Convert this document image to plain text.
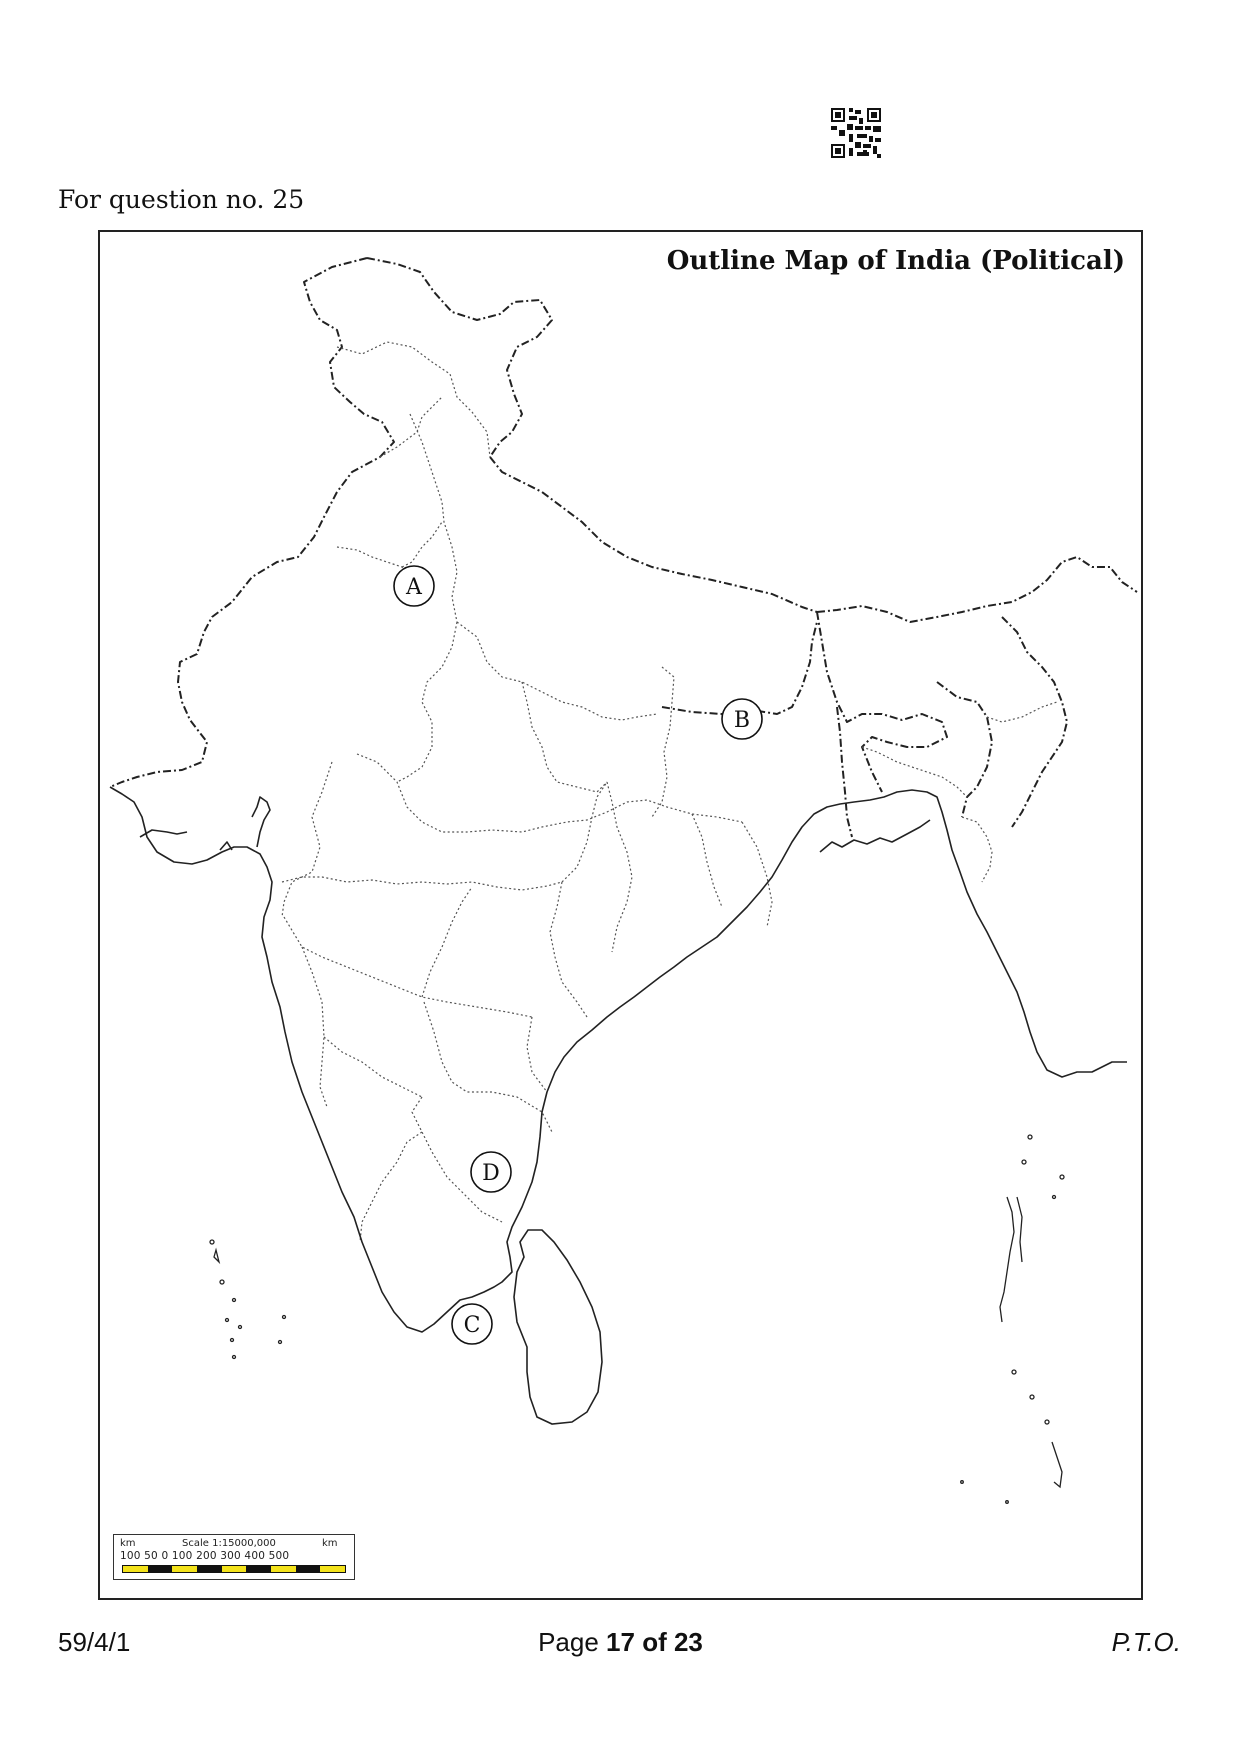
For question no. 25
Outline Map of India (Political)
A
B
C
D
km	Scale 1:15000,000	km
100 50 0 100 200 300 400 500
59/4/1	Page 17 of 23	P.T.O.
